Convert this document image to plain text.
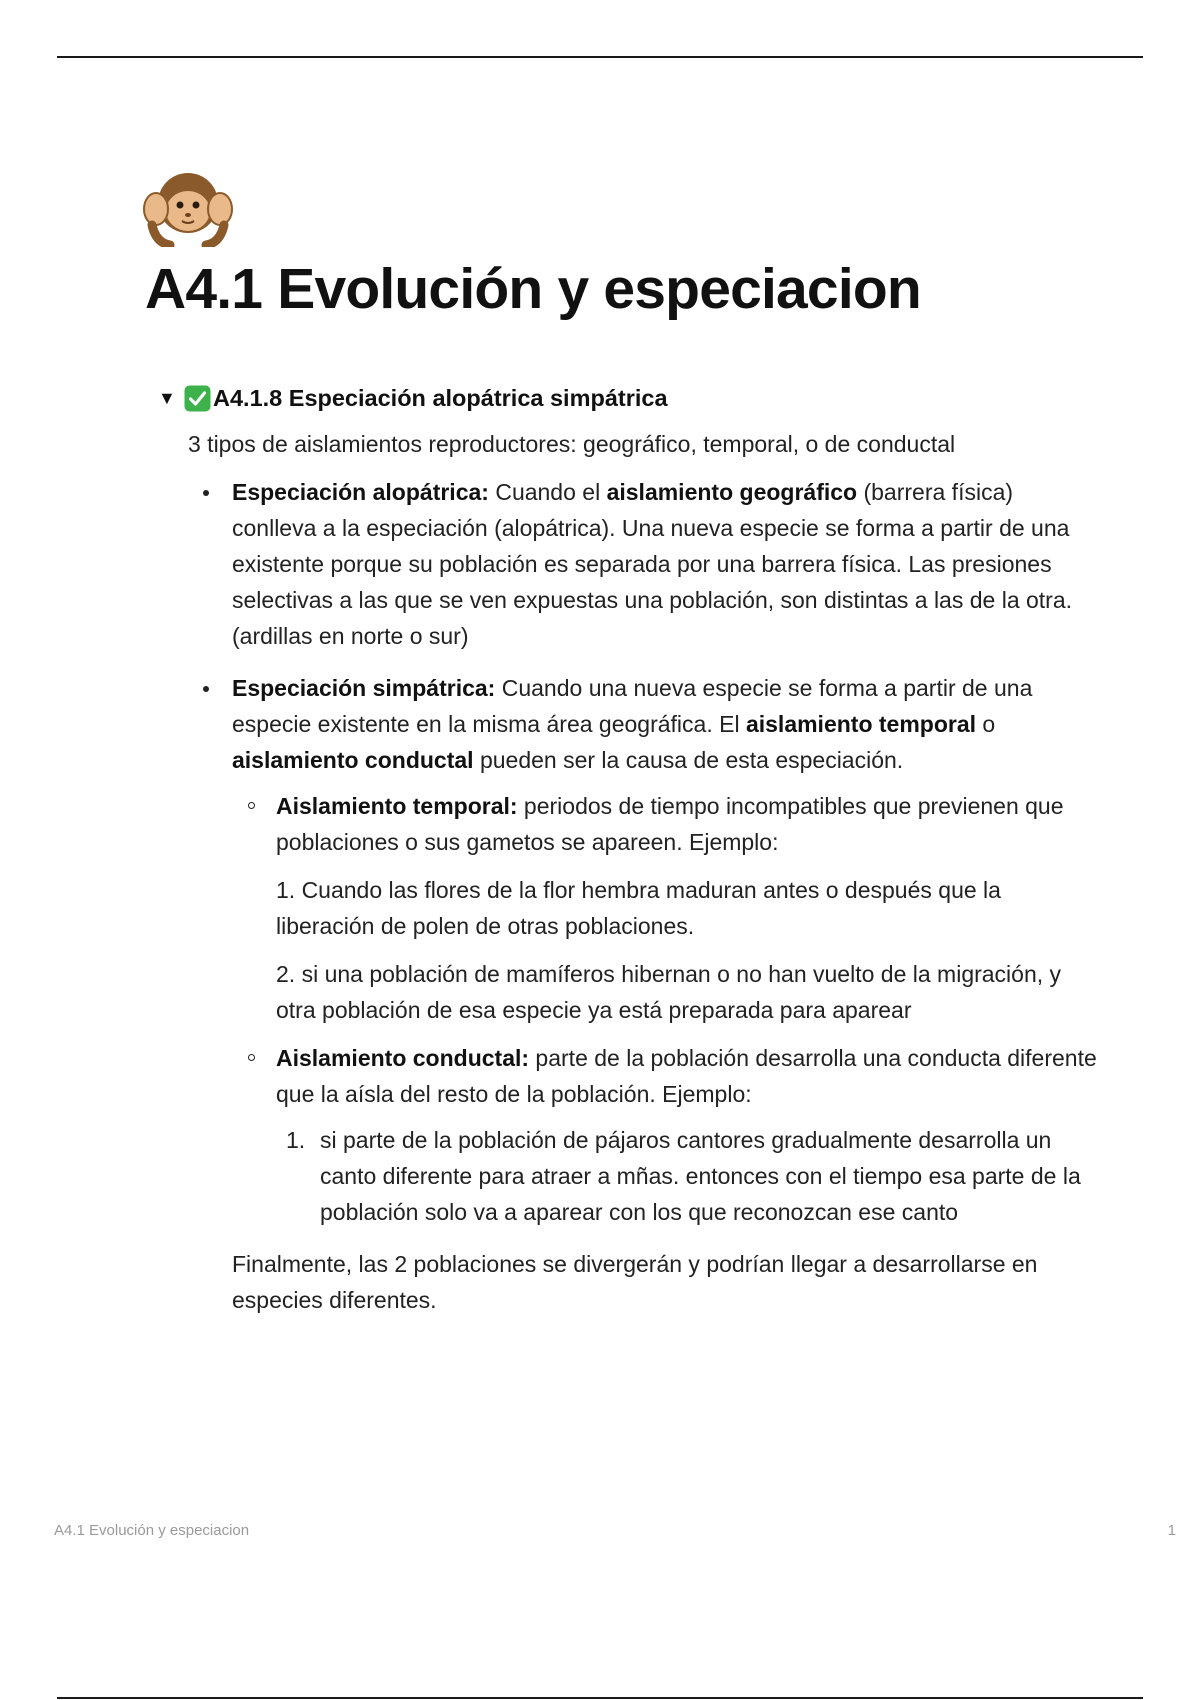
A4.1 Evolución y especiacion
▼ A4.1.8 Especiación alopátrica simpátrica

3 tipos de aislamientos reproductores: geográfico, temporal, o de conductal

Especiación alopátrica: Cuando el aislamiento geográfico (barrera física) conlleva a la especiación (alopátrica). Una nueva especie se forma a partir de una existente porque su población es separada por una barrera física. Las presiones selectivas a las que se ven expuestas una población, son distintas a las de la otra. (ardillas en norte o sur)
Especiación simpátrica: Cuando una nueva especie se forma a partir de una especie existente en la misma área geográfica. El aislamiento temporal o aislamiento conductal pueden ser la causa de esta especiación.
Aislamiento temporal: periodos de tiempo incompatibles que previenen que poblaciones o sus gametos se apareen. Ejemplo:

1. Cuando las flores de la flor hembra maduran antes o después que la liberación de polen de otras poblaciones.

2. si una población de mamíferos hibernan o no han vuelto de la migración, y otra población de esa especie ya está preparada para aparear

Aislamiento conductal: parte de la población desarrolla una conducta diferente que la aísla del resto de la población. Ejemplo:
1. si parte de la población de pájaros cantores gradualmente desarrolla un canto diferente para atraer a mñas. entonces con el tiempo esa parte de la población solo va a aparear con los que reconozcan ese canto

Finalmente, las 2 poblaciones se divergerán y podrían llegar a desarrollarse en especies diferentes.

A4.1 Evolución y especiacion	1
